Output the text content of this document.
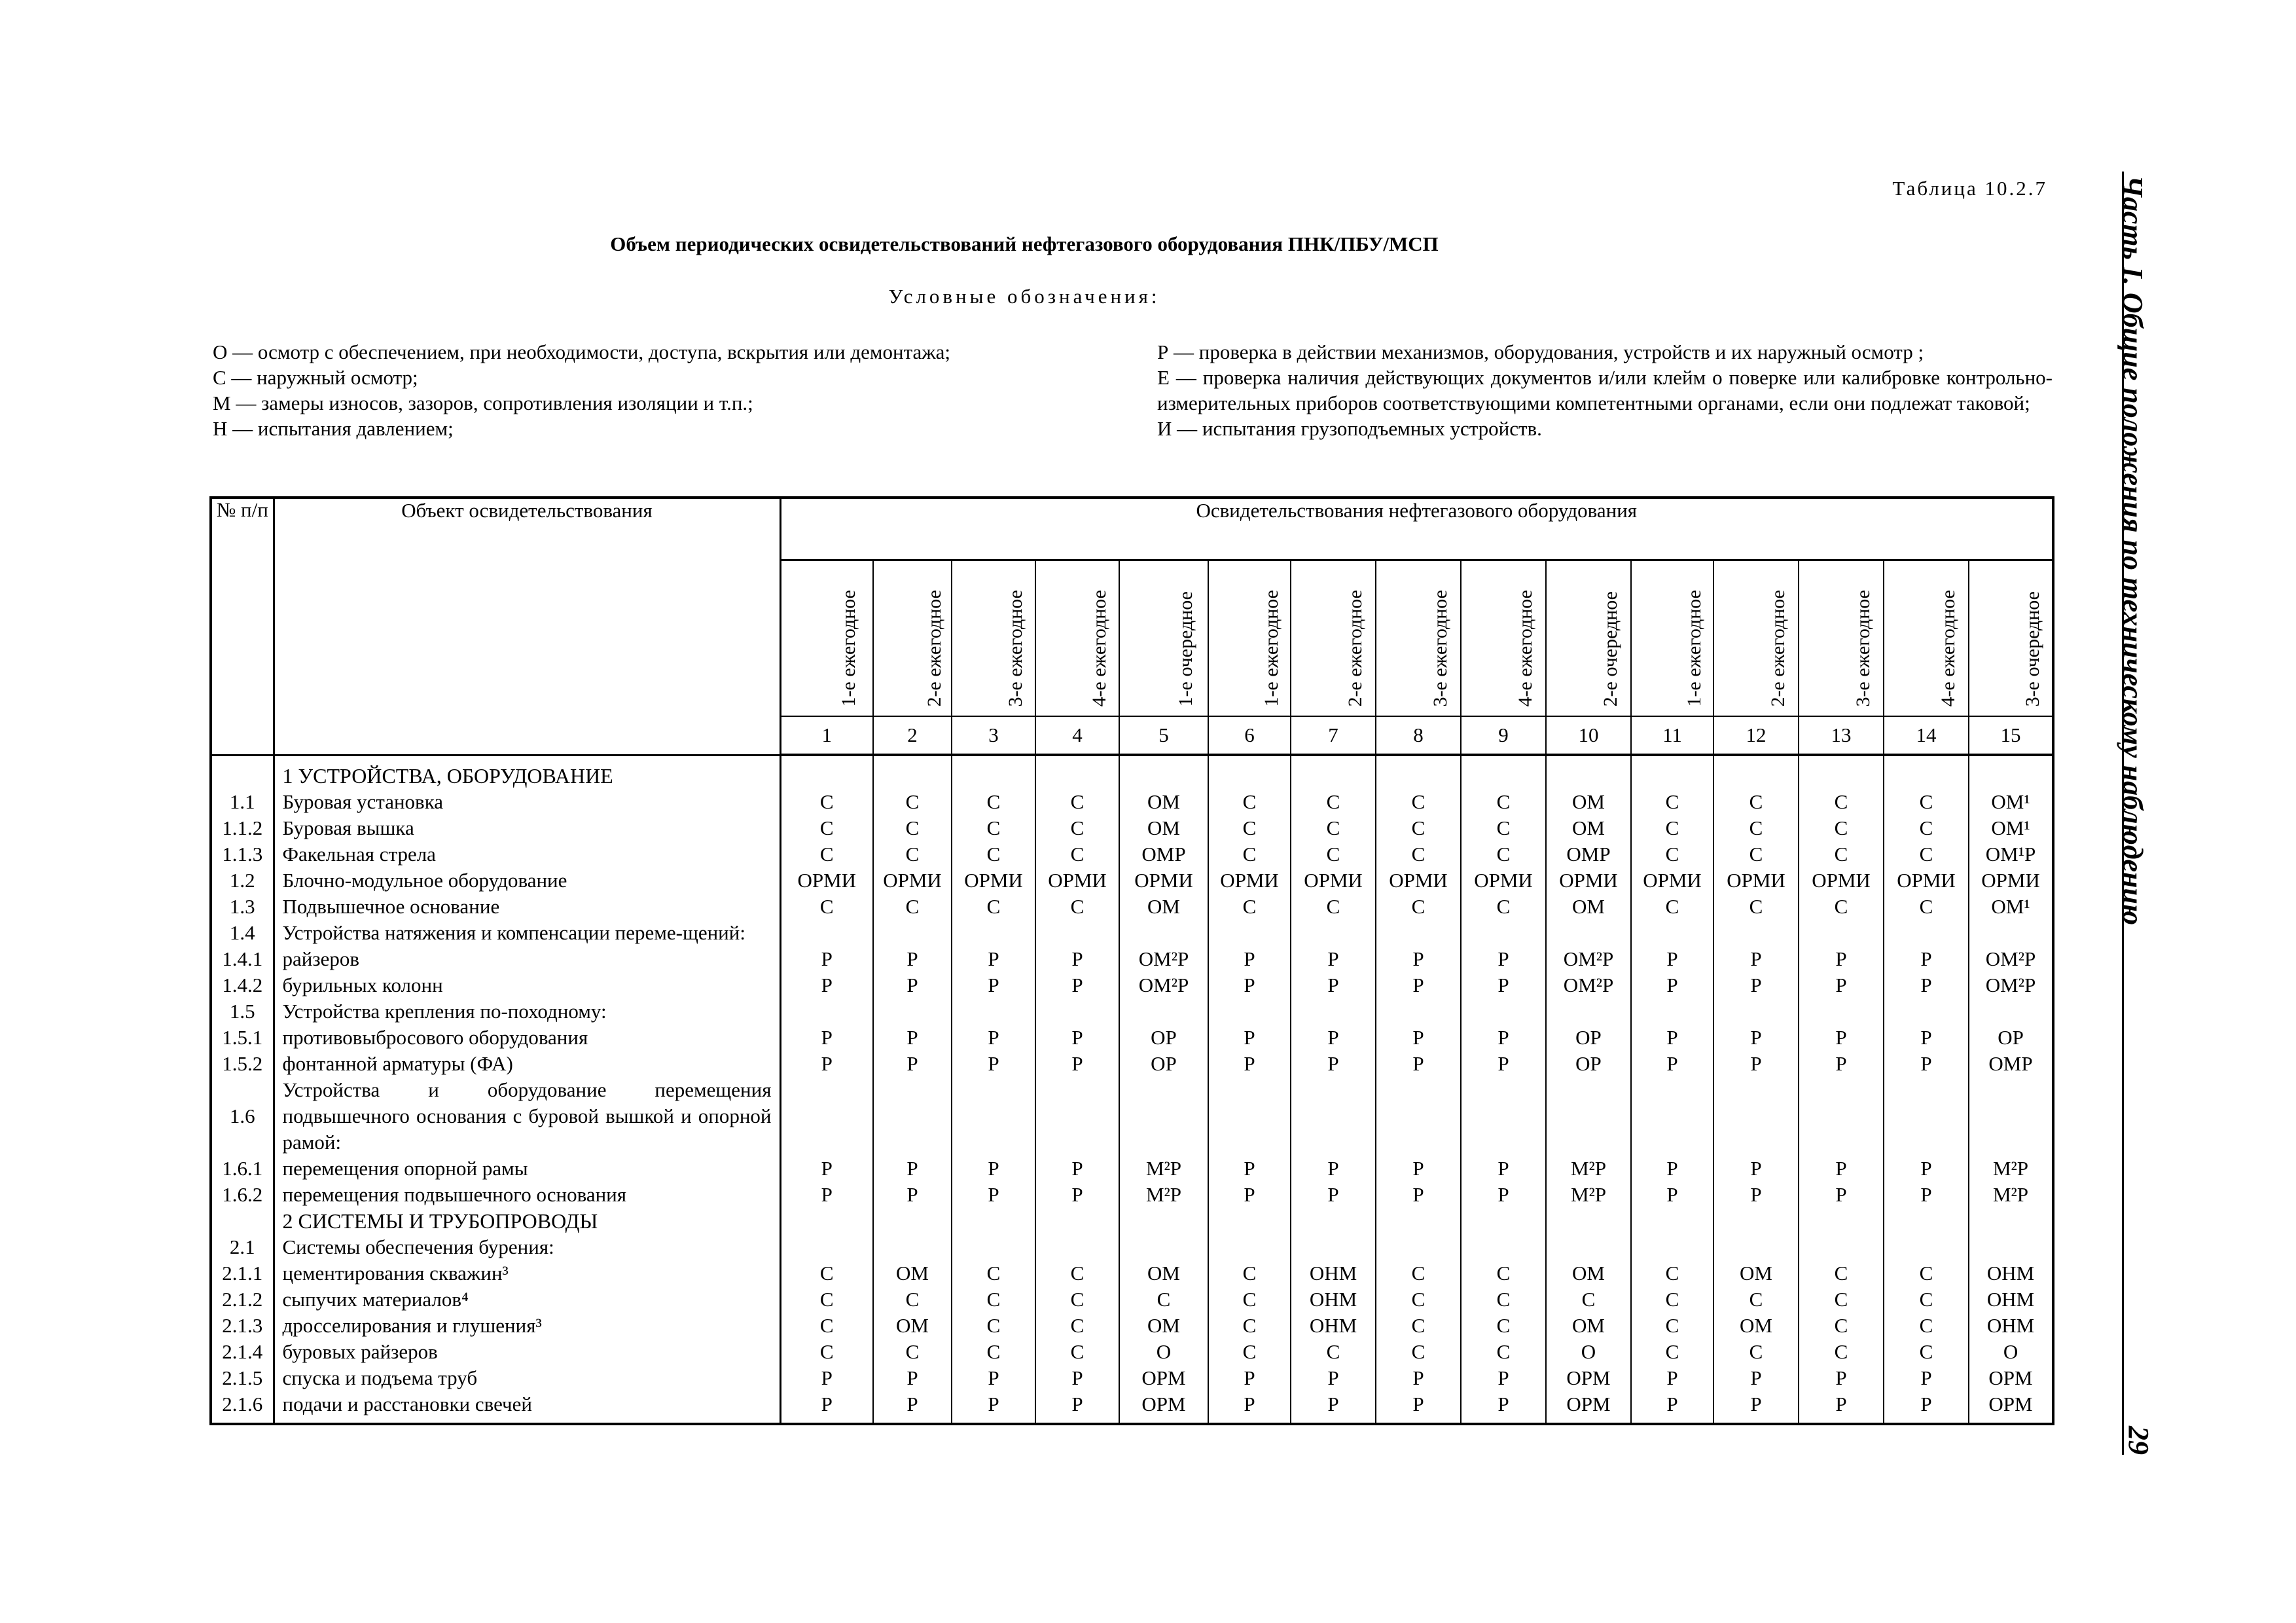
Таблица 10.2.7
Объем периодических освидетельствований нефтегазового оборудования ПНК/ПБУ/МСП
Условные обозначения:
О — осмотр с обеспечением, при необходимости, доступа, вскрытия или демонтажа;
С — наружный осмотр;
М — замеры износов, зазоров, сопротивления изоляции и т.п.;
Н — испытания давлением;
Р — проверка в действии механизмов, оборудования, устройств и их наружный осмотр ;
Е — проверка наличия действующих документов и/или клейм о поверке или калибровке контрольно-измерительных приборов соответствующими компетентными органами, если они подлежат таковой;
И — испытания грузоподъемных устройств.	Часть I. Общие положения по техническому наблюдению
29
№ п/п	Объект освидетельствования	Освидетельствования нефтегазового оборудования														

		1-е ежегодное	2-е ежегодное	3-е ежегодное	4-е ежегодное	1-е очередное	1-е ежегодное	2-е ежегодное	3-е ежегодное	4-е ежегодное	2-е очередное	1-е ежегодное	2-е ежегодное	3-е ежегодное	4-е ежегодное	3-е очередное

		1	2	3	4	5	6	7	8	9	10	11	12	13	14	15
	1 УСТРОЙСТВА, ОБОРУДОВАНИЕ															
1.1	Буровая установка	С	С	С	С	ОМ	С	С	С	С	ОМ	С	С	С	С	ОМ¹
1.1.2	Буровая вышка	С	С	С	С	ОМ	С	С	С	С	ОМ	С	С	С	С	ОМ¹
1.1.3	Факельная стрела	С	С	С	С	ОМР	С	С	С	С	ОМР	С	С	С	С	ОМ¹Р
1.2	Блочно-модульное оборудование	ОРМИ	ОРМИ	ОРМИ	ОРМИ	ОРМИ	ОРМИ	ОРМИ	ОРМИ	ОРМИ	ОРМИ	ОРМИ	ОРМИ	ОРМИ	ОРМИ	ОРМИ
1.3	Подвышечное основание	С	С	С	С	ОМ	С	С	С	С	ОМ	С	С	С	С	ОМ¹
1.4	Устройства натяжения и компенсации переме-щений:															
1.4.1	райзеров	Р	Р	Р	Р	ОМ²Р	Р	Р	Р	Р	ОМ²Р	Р	Р	Р	Р	ОМ²Р
1.4.2	бурильных колонн	Р	Р	Р	Р	ОМ²Р	Р	Р	Р	Р	ОМ²Р	Р	Р	Р	Р	ОМ²Р
1.5	Устройства крепления по-походному:															
1.5.1	противовыбросового оборудования	Р	Р	Р	Р	ОР	Р	Р	Р	Р	ОР	Р	Р	Р	Р	ОР
1.5.2	фонтанной арматуры (ФА)	Р	Р	Р	Р	ОР	Р	Р	Р	Р	ОР	Р	Р	Р	Р	ОМР
1.6	Устройства и оборудование перемещения подвышечного основания с буровой вышкой и опорной рамой:															
1.6.1	перемещения опорной рамы	Р	Р	Р	Р	М²Р	Р	Р	Р	Р	М²Р	Р	Р	Р	Р	М²Р
1.6.2	перемещения подвышечного основания	Р	Р	Р	Р	М²Р	Р	Р	Р	Р	М²Р	Р	Р	Р	Р	М²Р
	2 СИСТЕМЫ И ТРУБОПРОВОДЫ															
2.1	Системы обеспечения бурения:															
2.1.1	цементирования скважин³	С	ОМ	С	С	ОМ	С	ОНМ	С	С	ОМ	С	ОМ	С	С	ОНМ
2.1.2	сыпучих материалов⁴	С	С	С	С	С	С	ОНМ	С	С	С	С	С	С	С	ОНМ
2.1.3	дросселирования и глушения³	С	ОМ	С	С	ОМ	С	ОНМ	С	С	ОМ	С	ОМ	С	С	ОНМ
2.1.4	буровых райзеров	С	С	С	С	О	С	С	С	С	О	С	С	С	С	О
2.1.5	спуска и подъема труб	Р	Р	Р	Р	ОРМ	Р	Р	Р	Р	ОРМ	Р	Р	Р	Р	ОРМ
2.1.6	подачи и расстановки свечей	Р	Р	Р	Р	ОРМ	Р	Р	Р	Р	ОРМ	Р	Р	Р	Р	ОРМ
